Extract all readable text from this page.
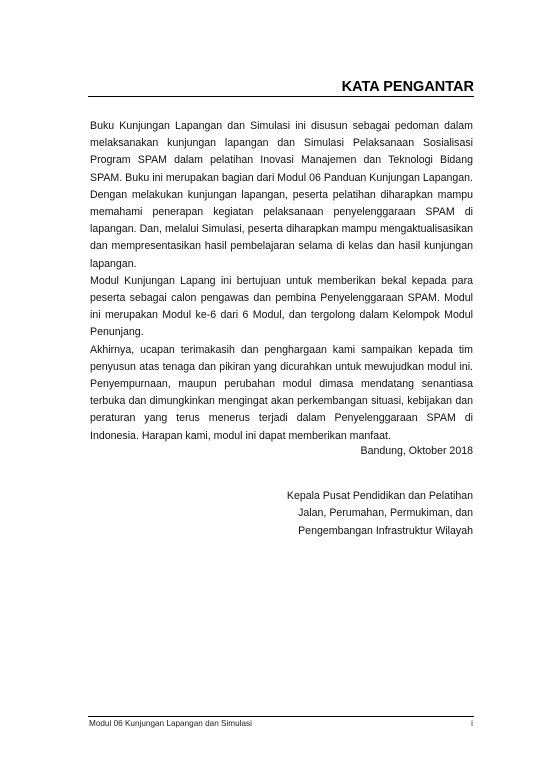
KATA PENGANTAR

Buku Kunjungan Lapangan dan Simulasi ini disusun sebagai pedoman dalam melaksanakan kunjungan lapangan dan Simulasi Pelaksanaan Sosialisasi Program SPAM dalam pelatihan Inovasi Manajemen dan Teknologi Bidang SPAM. Buku ini merupakan bagian dari Modul 06 Panduan Kunjungan Lapangan. Dengan melakukan kunjungan lapangan, peserta pelatihan diharapkan mampu memahami penerapan kegiatan pelaksanaan penyelenggaraan SPAM di lapangan. Dan, melalui Simulasi, peserta diharapkan mampu mengaktualisasikan dan mempresentasikan hasil pembelajaran selama di kelas dan hasil kunjungan lapangan.

Modul Kunjungan Lapang ini bertujuan untuk memberikan bekal kepada para peserta sebagai calon pengawas dan pembina Penyelenggaraan SPAM. Modul ini merupakan Modul ke-6 dari 6 Modul, dan tergolong dalam Kelompok Modul Penunjang.

Akhirnya, ucapan terimakasih dan penghargaan kami sampaikan kepada tim penyusun atas tenaga dan pikiran yang dicurahkan untuk mewujudkan modul ini. Penyempurnaan, maupun perubahan modul dimasa mendatang senantiasa terbuka dan dimungkinkan mengingat akan perkembangan situasi, kebijakan dan peraturan yang terus menerus terjadi dalam Penyelenggaraan SPAM di Indonesia. Harapan kami, modul ini dapat memberikan manfaat.

Bandung, Oktober 2018
Kepala Pusat Pendidikan dan Pelatihan
Jalan, Perumahan, Permukiman, dan
Pengembangan Infrastruktur Wilayah
Modul 06 Kunjungan Lapangan dan Simulasi	i
